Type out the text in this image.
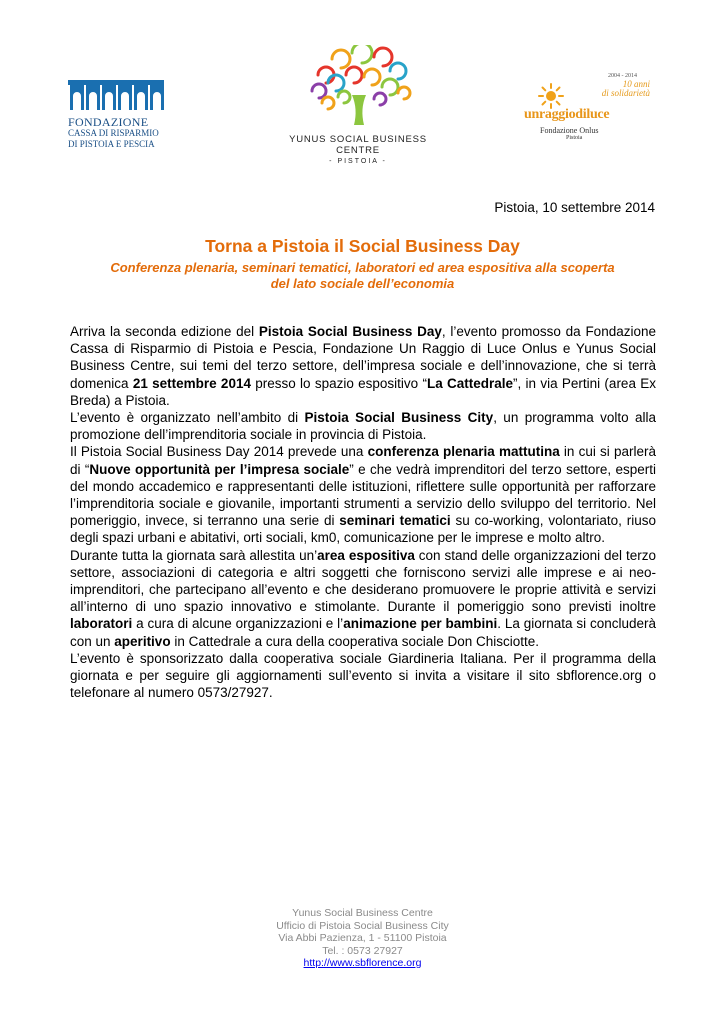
FONDAZIONE
CASSA DI RISPARMIO
DI PISTOIA E PESCIA	YUNUS SOCIAL BUSINESS CENTRE
- PISTOIA -
2004 - 2014
10 anni
di solidarietà
unraggiodiluce
Fondazione Onlus
Pistoia
Pistoia, 10 settembre 2014
Torna a Pistoia il Social Business Day
Conferenza plenaria, seminari tematici, laboratori ed area espositiva alla scoperta
del lato sociale dell’economia

Arriva la seconda edizione del Pistoia Social Business Day, l’evento promosso da Fondazione Cassa di Risparmio di Pistoia e Pescia, Fondazione Un Raggio di Luce Onlus e Yunus Social Business Centre, sui temi del terzo settore, dell’impresa sociale e dell’innovazione, che si terrà domenica 21 settembre 2014 presso lo spazio espositivo “La Cattedrale”, in via Pertini (area Ex Breda) a Pistoia.

L’evento è organizzato nell’ambito di Pistoia Social Business City, un programma volto alla promozione dell’imprenditoria sociale in provincia di Pistoia.

Il Pistoia Social Business Day 2014 prevede una conferenza plenaria mattutina in cui si parlerà di “Nuove opportunità per l’impresa sociale” e che vedrà imprenditori del terzo settore, esperti del mondo accademico e rappresentanti delle istituzioni, riflettere sulle opportunità per rafforzare l’imprenditoria sociale e giovanile, importanti strumenti a servizio dello sviluppo del territorio. Nel pomeriggio, invece, si terranno una serie di seminari tematici su co-working, volontariato, riuso degli spazi urbani e abitativi, orti sociali, km0, comunicazione per le imprese e molto altro.

Durante tutta la giornata sarà allestita un’area espositiva con stand delle organizzazioni del terzo settore, associazioni di categoria e altri soggetti che forniscono servizi alle imprese e ai neo-imprenditori, che partecipano all’evento e che desiderano promuovere le proprie attività e servizi all’interno di uno spazio innovativo e stimolante. Durante il pomeriggio sono previsti inoltre laboratori a cura di alcune organizzazioni e l’animazione per bambini. La giornata si concluderà con un aperitivo in Cattedrale a cura della cooperativa sociale Don Chisciotte.

L’evento è sponsorizzato dalla cooperativa sociale Giardineria Italiana. Per il programma della giornata e per seguire gli aggiornamenti sull’evento si invita a visitare il sito sbflorence.org o telefonare al numero 0573/27927.

Yunus Social Business Centre
Ufficio di Pistoia Social Business City
Via Abbi Pazienza, 1 - 51100 Pistoia
Tel. : 0573 27927
http://www.sbflorence.org
